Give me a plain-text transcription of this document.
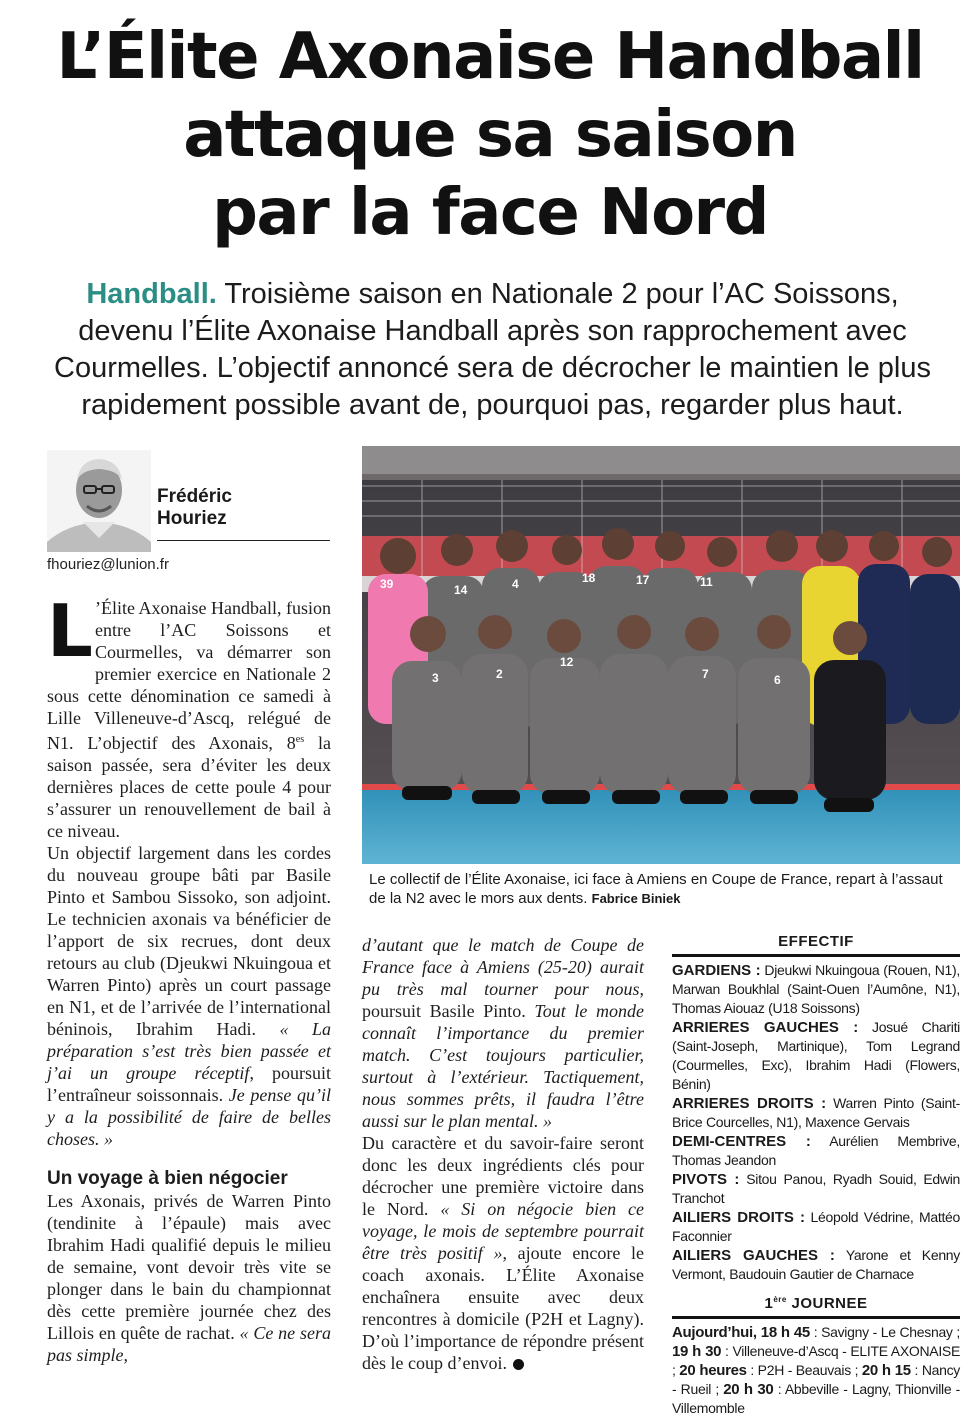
L’Élite Axonaise Handball
attaque sa saison
par la face Nord
Handball. Troisième saison en Nationale 2 pour l’AC Soissons, devenu l’Élite Axonaise Handball après son rapprochement avec Courmelles. L’objectif annoncé sera de décrocher le maintien le plus rapidement possible avant de, pourquoi pas, regarder plus haut.
Frédéric
Houriez
fhouriez@lunion.fr

L ’Élite Axonaise Handball, fusion entre l’AC Soissons et Courmelles, va démarrer son premier exercice en Nationale 2 sous cette dénomination ce samedi à Lille Villeneuve-d’Ascq, relégué de N1. L’objectif des Axonais, $8^{es}$ la saison passée, sera d’éviter les deux dernières places de cette poule 4 pour s’assurer un renouvellement de bail à ce niveau.

Un objectif largement dans les cordes du nouveau groupe bâti par Basile Pinto et Sambou Sissoko, son adjoint. Le technicien axonais va bénéficier de l’apport de six recrues, dont deux retours au club (Djeukwi Nkuingoua et Warren Pinto) après un court passage en N1, et de l’arrivée de l’international béninois, Ibrahim Hadi. « La préparation s’est très bien passée et j’ai un groupe réceptif, poursuit l’entraîneur soissonnais. Je pense qu’il y a la possibilité de faire de belles choses. »

Un voyage à bien négocier

Les Axonais, privés de Warren Pinto (tendinite à l’épaule) mais avec Ibrahim Hadi qualifié depuis le milieu de semaine, vont devoir très vite se plonger dans le bain du championnat dès cette première journée chez des Lillois en quête de rachat. « Ce ne sera pas simple,

39	14	4	18	17	11
3	2
12
7	6
Le collectif de l’Élite Axonaise, ici face à Amiens en Coupe de France, repart à l’assaut de la N2 avec le mors aux dents. Fabrice Biniek

d’autant que le match de Coupe de France face à Amiens (25-20) aurait pu très mal tourner pour nous, poursuit Basile Pinto. Tout le monde connaît l’importance du premier match. C’est toujours particulier, surtout à l’extérieur. Tactiquement, nous sommes prêts, il faudra l’être aussi sur le plan mental. »

Du caractère et du savoir-faire seront donc les deux ingrédients clés pour décrocher une première victoire dans le Nord. « Si on négocie bien ce voyage, le mois de septembre pourrait être très positif », ajoute encore le coach axonais. L’Élite Axonaise enchaînera ensuite avec deux rencontres à domicile (P2H et Lagny). D’où l’importance de répondre présent dès le coup d’envoi.

EFFECTIF

GARDIENS : Djeukwi Nkuingoua (Rouen, N1), Marwan Boukhlal (Saint-Ouen l’Aumône, N1), Thomas Aiouaz (U18 Soissons)

ARRIERES GAUCHES : Josué Chariti (Saint-Joseph, Martinique), Tom Legrand (Courmelles, Exc), Ibrahim Hadi (Flowers, Bénin)

ARRIERES DROITS : Warren Pinto (Saint-Brice Courcelles, N1), Maxence Gervais

DEMI-CENTRES : Aurélien Membrive, Thomas Jeandon

PIVOTS : Sitou Panou, Ryadh Souid, Edwin Tranchot

AILIERS DROITS : Léopold Védrine, Mattéo Faconnier

AILIERS GAUCHES : Yarone et Kenny Vermont, Baudouin Gautier de Charnace

1ère JOURNEE

Aujourd’hui, 18 h 45 : Savigny - Le Chesnay ; 19 h 30 : Villeneuve-d’Ascq - ELITE AXONAISE ; 20 heures : P2H - Beauvais ; 20 h 15 : Nancy - Rueil ; 20 h 30 : Abbeville - Lagny, Thionville - Villemomble
